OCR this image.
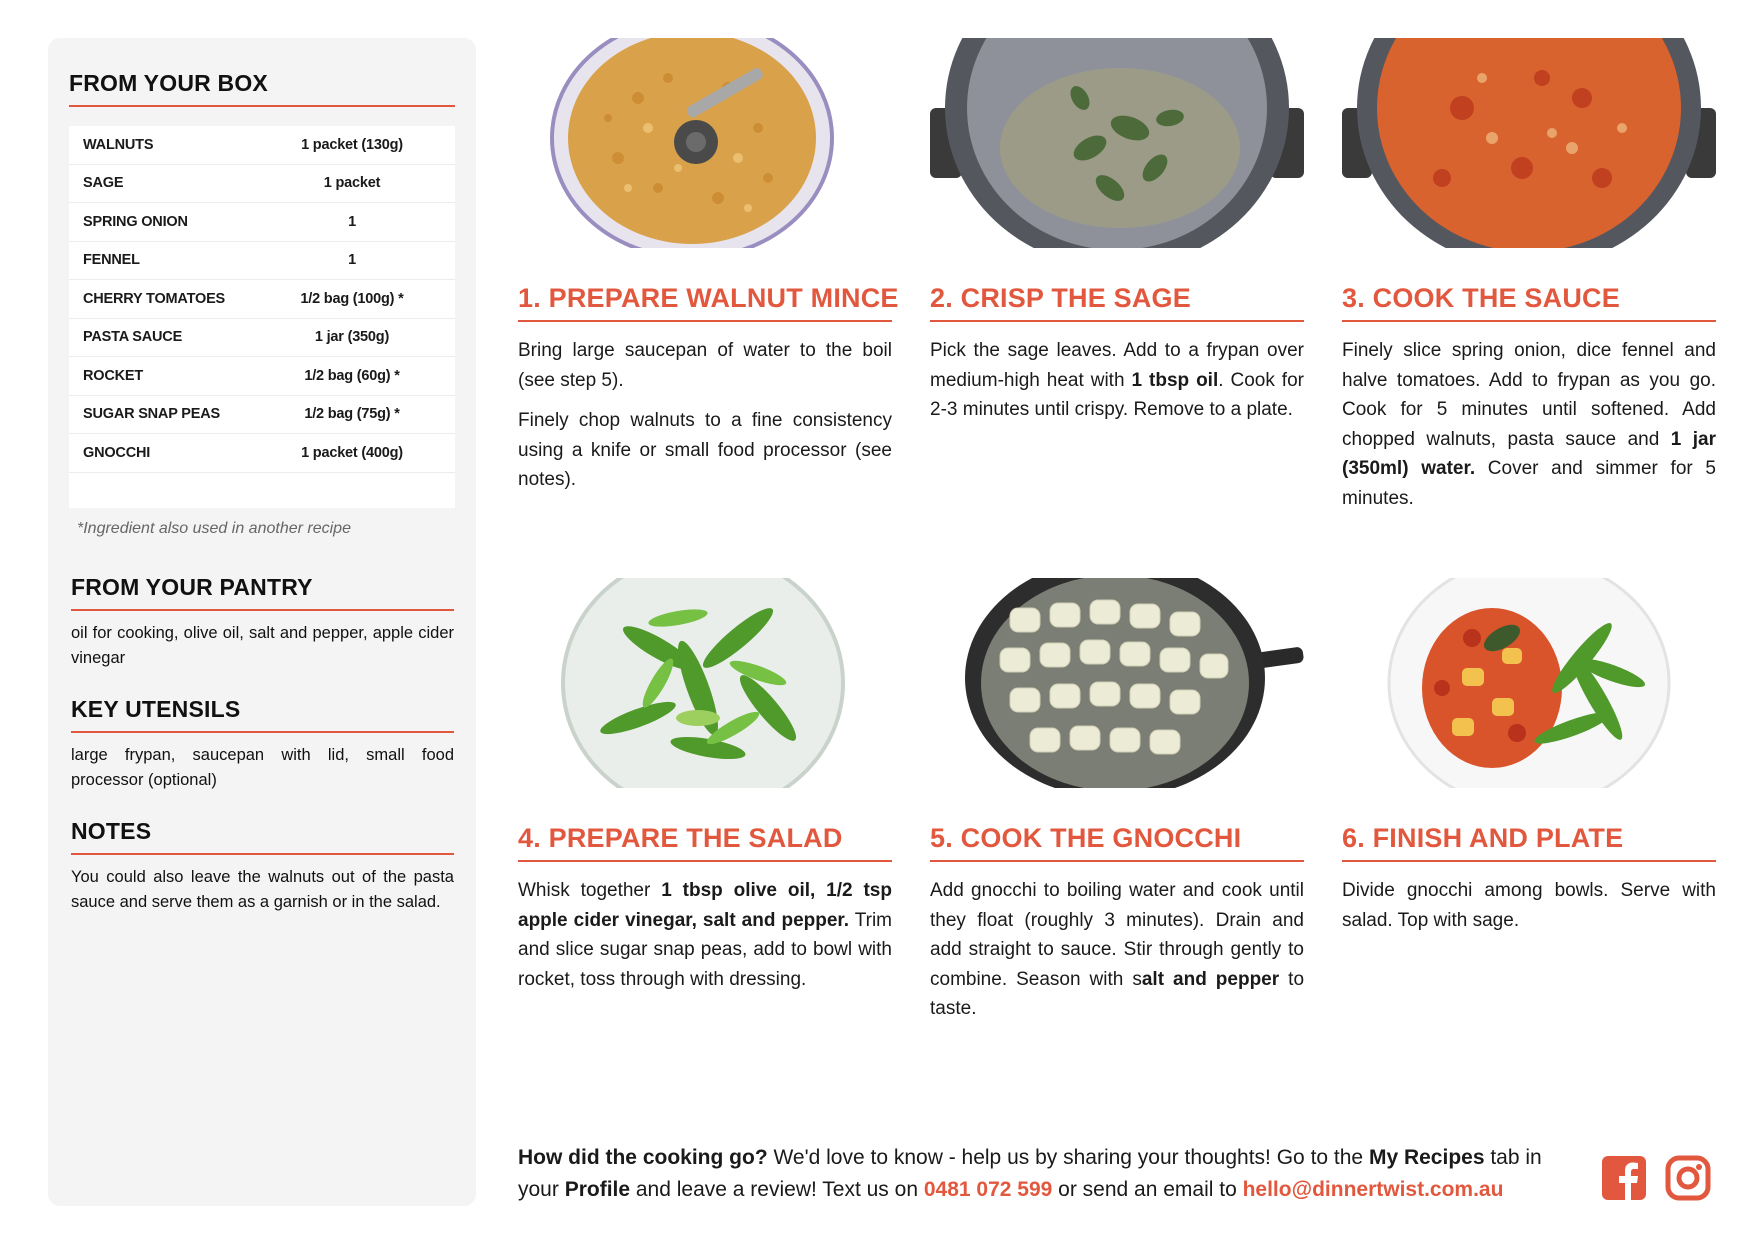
FROM YOUR BOX
WALNUTS	1 packet (130g)
SAGE	1 packet
SPRING ONION	1
FENNEL	1
CHERRY TOMATOES	1/2 bag (100g) *
PASTA SAUCE	1 jar (350g)
ROCKET	1/2 bag (60g) *
SUGAR SNAP PEAS	1/2 bag (75g) *
GNOCCHI	1 packet (400g)
*Ingredient also used in another recipe
FROM YOUR PANTRY
oil for cooking, olive oil, salt and pepper, apple cider vinegar
KEY UTENSILS
large frypan, saucepan with lid, small food processor (optional)
NOTES
You could also leave the walnuts out of the pasta sauce and serve them as a garnish or in the salad.
1. PREPARE WALNUT MINCE

Bring large saucepan of water to the boil (see step 5).

Finely chop walnuts to a fine consistency using a knife or small food processor (see notes).

2. CRISP THE SAGE

Pick the sage leaves. Add to a frypan over medium-high heat with 1 tbsp oil. Cook for 2-3 minutes until crispy. Remove to a plate.

3. COOK THE SAUCE

Finely slice spring onion, dice fennel and halve tomatoes. Add to frypan as you go. Cook for 5 minutes until softened. Add chopped walnuts, pasta sauce and 1 jar (350ml) water. Cover and simmer for 5 minutes.

4. PREPARE THE SALAD

Whisk together 1 tbsp olive oil, 1/2 tsp apple cider vinegar, salt and pepper. Trim and slice sugar snap peas, add to bowl with rocket, toss through with dressing.

5. COOK THE GNOCCHI

Add gnocchi to boiling water and cook until they float (roughly 3 minutes). Drain and add straight to sauce. Stir through gently to combine. Season with salt and pepper to taste.

6. FINISH AND PLATE

Divide gnocchi among bowls. Serve with salad. Top with sage.

How did the cooking go? We'd love to know - help us by sharing your thoughts! Go to the My Recipes tab in your Profile and leave a review! Text us on 0481 072 599 or send an email to hello@dinnertwist.com.au
